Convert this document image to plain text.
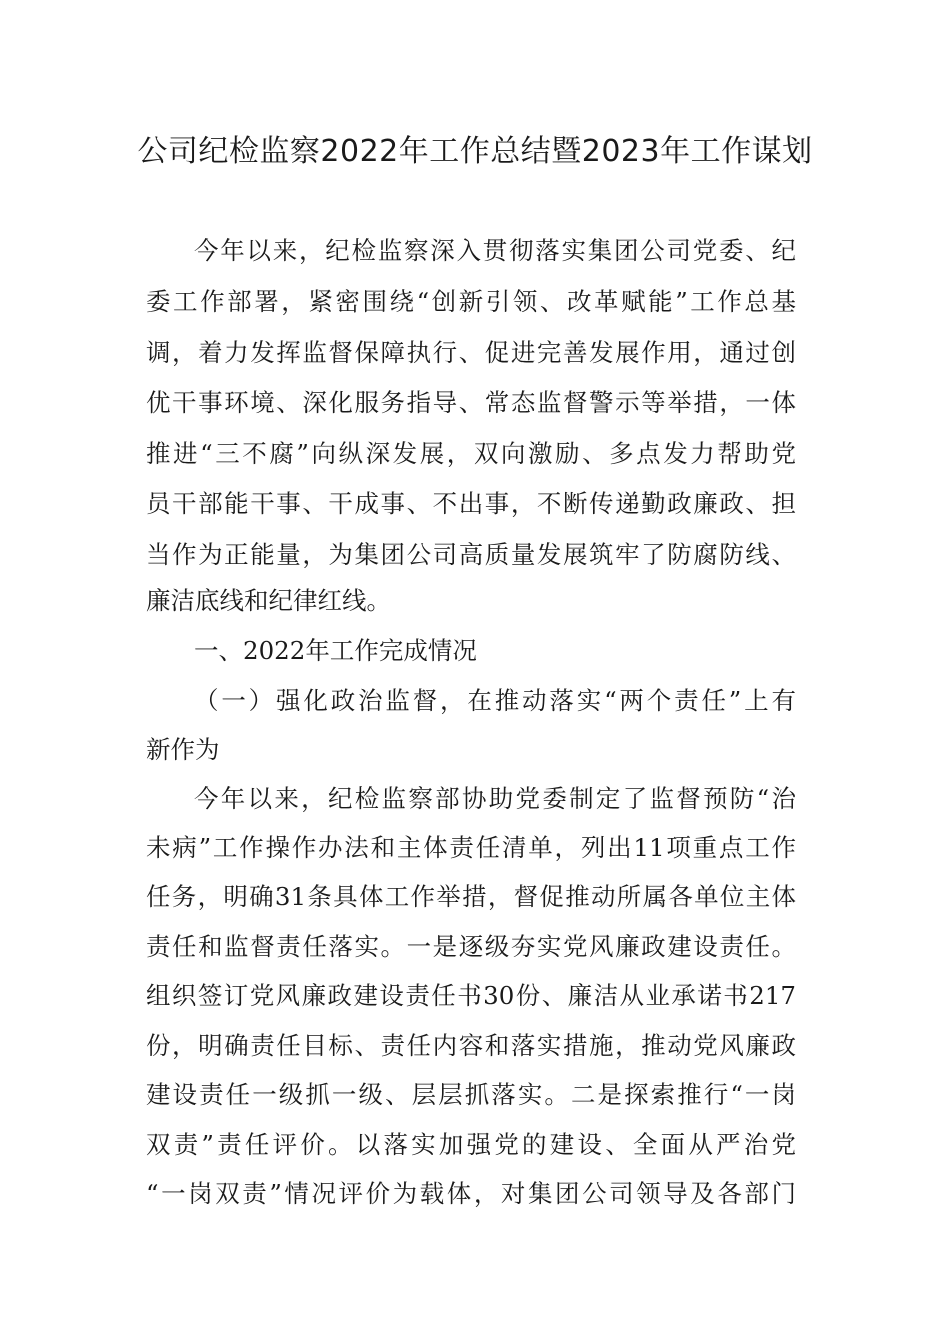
公司纪检监察2022年工作总结暨2023年工作谋划
今年以来，纪检监察深入贯彻落实集团公司党委、纪
委工作部署，紧密围绕“创新引领、改革赋能”工作总基
调，着力发挥监督保障执行、促进完善发展作用，通过创
优干事环境、深化服务指导、常态监督警示等举措，一体
推进“三不腐”向纵深发展，双向激励、多点发力帮助党
员干部能干事、干成事、不出事，不断传递勤政廉政、担
当作为正能量，为集团公司高质量发展筑牢了防腐防线、
廉洁底线和纪律红线。
一、2022年工作完成情况
（一）强化政治监督，在推动落实“两个责任”上有
新作为
今年以来，纪检监察部协助党委制定了监督预防“治
未病”工作操作办法和主体责任清单，列出11项重点工作
任务，明确31条具体工作举措，督促推动所属各单位主体
责任和监督责任落实。一是逐级夯实党风廉政建设责任。
组织签订党风廉政建设责任书30份、廉洁从业承诺书217
份，明确责任目标、责任内容和落实措施，推动党风廉政
建设责任一级抓一级、层层抓落实。二是探索推行“一岗
双责”责任评价。以落实加强党的建设、全面从严治党
“一岗双责”情况评价为载体，对集团公司领导及各部门
